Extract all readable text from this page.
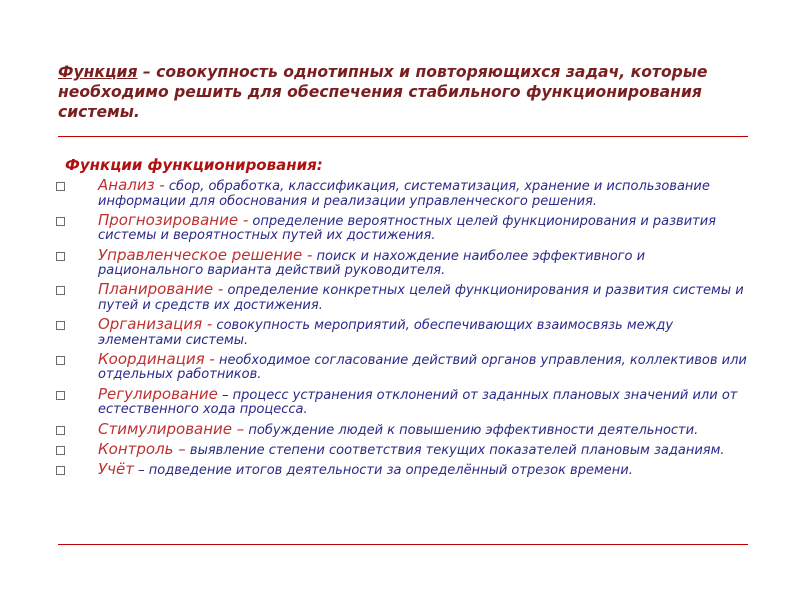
Функция – совокупность однотипных и повторяющихся задач, которые необходимо решить для обеспечения стабильного функционирования системы.
Функции функционирования:
Анализ - сбор, обработка, классификация, систематизация, хранение и использование информации для обоснования и реализации управленческого решения.
Прогнозирование - определение вероятностных целей функционирования и развития системы и вероятностных путей их достижения.
Управленческое решение - поиск и нахождение наиболее эффективного и рационального варианта действий руководителя.
Планирование - определение конкретных целей функционирования и развития системы и путей и средств их достижения.
Организация - совокупность мероприятий, обеспечивающих взаимосвязь между элементами системы.
Координация - необходимое согласование действий органов управления, коллективов или отдельных работников.
Регулирование – процесс устранения отклонений от заданных плановых значений или от естественного хода процесса.
Стимулирование – побуждение людей к повышению эффективности деятельности.
Контроль – выявление степени соответствия текущих показателей плановым заданиям.
Учёт – подведение итогов деятельности за определённый отрезок времени.
